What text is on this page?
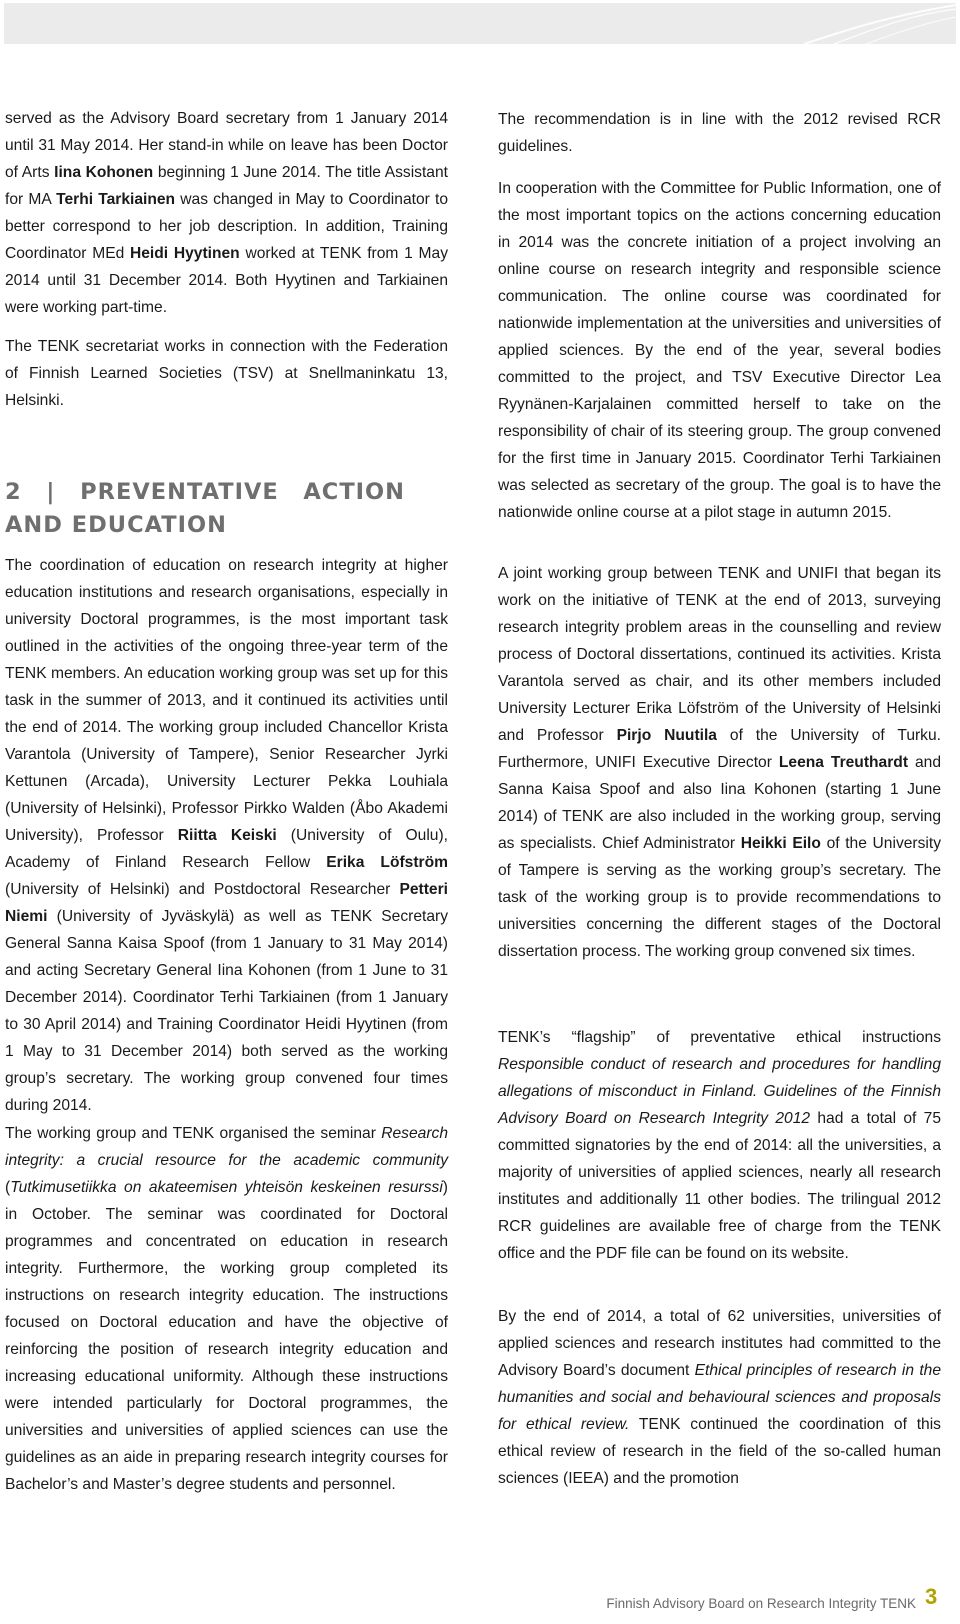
served as the Advisory Board secretary from 1 January 2014 until 31 May 2014. Her stand-in while on leave has been Doctor of Arts Iina Kohonen beginning 1 June 2014. The title Assistant for MA Terhi Tarkiainen was changed in May to Coordinator to better correspond to her job description. In addition, Training Coordinator MEd Heidi Hyytinen worked at TENK from 1 May 2014 until 31 December 2014. Both Hyytinen and Tarkiainen were working part-time.

The TENK secretariat works in connection with the Federation of Finnish Learned Societies (TSV) at Snellmaninkatu 13, Helsinki.

2 | PREVENTATIVE ACTION AND EDUCATION

The coordination of education on research integrity at higher education institutions and research organisations, especially in university Doctoral programmes, is the most important task outlined in the activities of the ongoing three-year term of the TENK members. An education working group was set up for this task in the summer of 2013, and it continued its activities until the end of 2014. The working group included Chancellor Krista Varantola (University of Tampere), Senior Researcher Jyrki Kettunen (Arcada), University Lecturer Pekka Louhiala (University of Helsinki), Professor Pirkko Walden (Åbo Akademi University), Professor Riitta Keiski (University of Oulu), Academy of Finland Research Fellow Erika Löfström (University of Helsinki) and Postdoctoral Researcher Petteri Niemi (University of Jyväskylä) as well as TENK Secretary General Sanna Kaisa Spoof (from 1 January to 31 May 2014) and acting Secretary General Iina Kohonen (from 1 June to 31 December 2014). Coordinator Terhi Tarkiainen (from 1 January to 30 April 2014) and Training Coordinator Heidi Hyytinen (from 1 May to 31 December 2014) both served as the working group’s secretary. The working group convened four times during 2014.

The working group and TENK organised the seminar Research integrity: a crucial resource for the academic community (Tutkimusetiikka on akateemisen yhteisön keskeinen resurssi) in October. The seminar was coordinated for Doctoral programmes and concentrated on education in research integrity. Furthermore, the working group completed its instructions on research integrity education. The instructions focused on Doctoral education and have the objective of reinforcing the position of research integrity education and increasing educational uniformity. Although these instructions were intended particularly for Doctoral programmes, the universities and universities of applied sciences can use the guidelines as an aide in preparing research integrity courses for Bachelor’s and Master’s degree students and personnel.

The recommendation is in line with the 2012 revised RCR guidelines.

In cooperation with the Committee for Public Information, one of the most important topics on the actions concerning education in 2014 was the concrete initiation of a project involving an online course on research integrity and responsible science communication. The online course was coordinated for nationwide implementation at the universities and universities of applied sciences. By the end of the year, several bodies committed to the project, and TSV Executive Director Lea Ryynänen-Karjalainen committed herself to take on the responsibility of chair of its steering group. The group convened for the first time in January 2015. Coordinator Terhi Tarkiainen was selected as secretary of the group. The goal is to have the nationwide online course at a pilot stage in autumn 2015.

A joint working group between TENK and UNIFI that began its work on the initiative of TENK at the end of 2013, surveying research integrity problem areas in the counselling and review process of Doctoral dissertations, continued its activities. Krista Varantola served as chair, and its other members included University Lecturer Erika Löfström of the University of Helsinki and Professor Pirjo Nuutila of the University of Turku. Furthermore, UNIFI Executive Director Leena Treuthardt and Sanna Kaisa Spoof and also Iina Kohonen (starting 1 June 2014) of TENK are also included in the working group, serving as specialists. Chief Administrator Heikki Eilo of the University of Tampere is serving as the working group’s secretary. The task of the working group is to provide recommendations to universities concerning the different stages of the Doctoral dissertation process. The working group convened six times.

TENK’s “flagship” of preventative ethical instructions Responsible conduct of research and procedures for handling allegations of misconduct in Finland. Guidelines of the Finnish Advisory Board on Research Integrity 2012 had a total of 75 committed signatories by the end of 2014: all the universities, a majority of universities of applied sciences, nearly all research institutes and additionally 11 other bodies. The trilingual 2012 RCR guidelines are available free of charge from the TENK office and the PDF file can be found on its website.

By the end of 2014, a total of 62 universities, universities of applied sciences and research institutes had committed to the Advisory Board’s document Ethical principles of research in the humanities and social and behavioural sciences and proposals for ethical review. TENK continued the coordination of this ethical review of research in the field of the so-called human sciences (IEEA) and the promotion

Finnish Advisory Board on Research Integrity TENK 3
